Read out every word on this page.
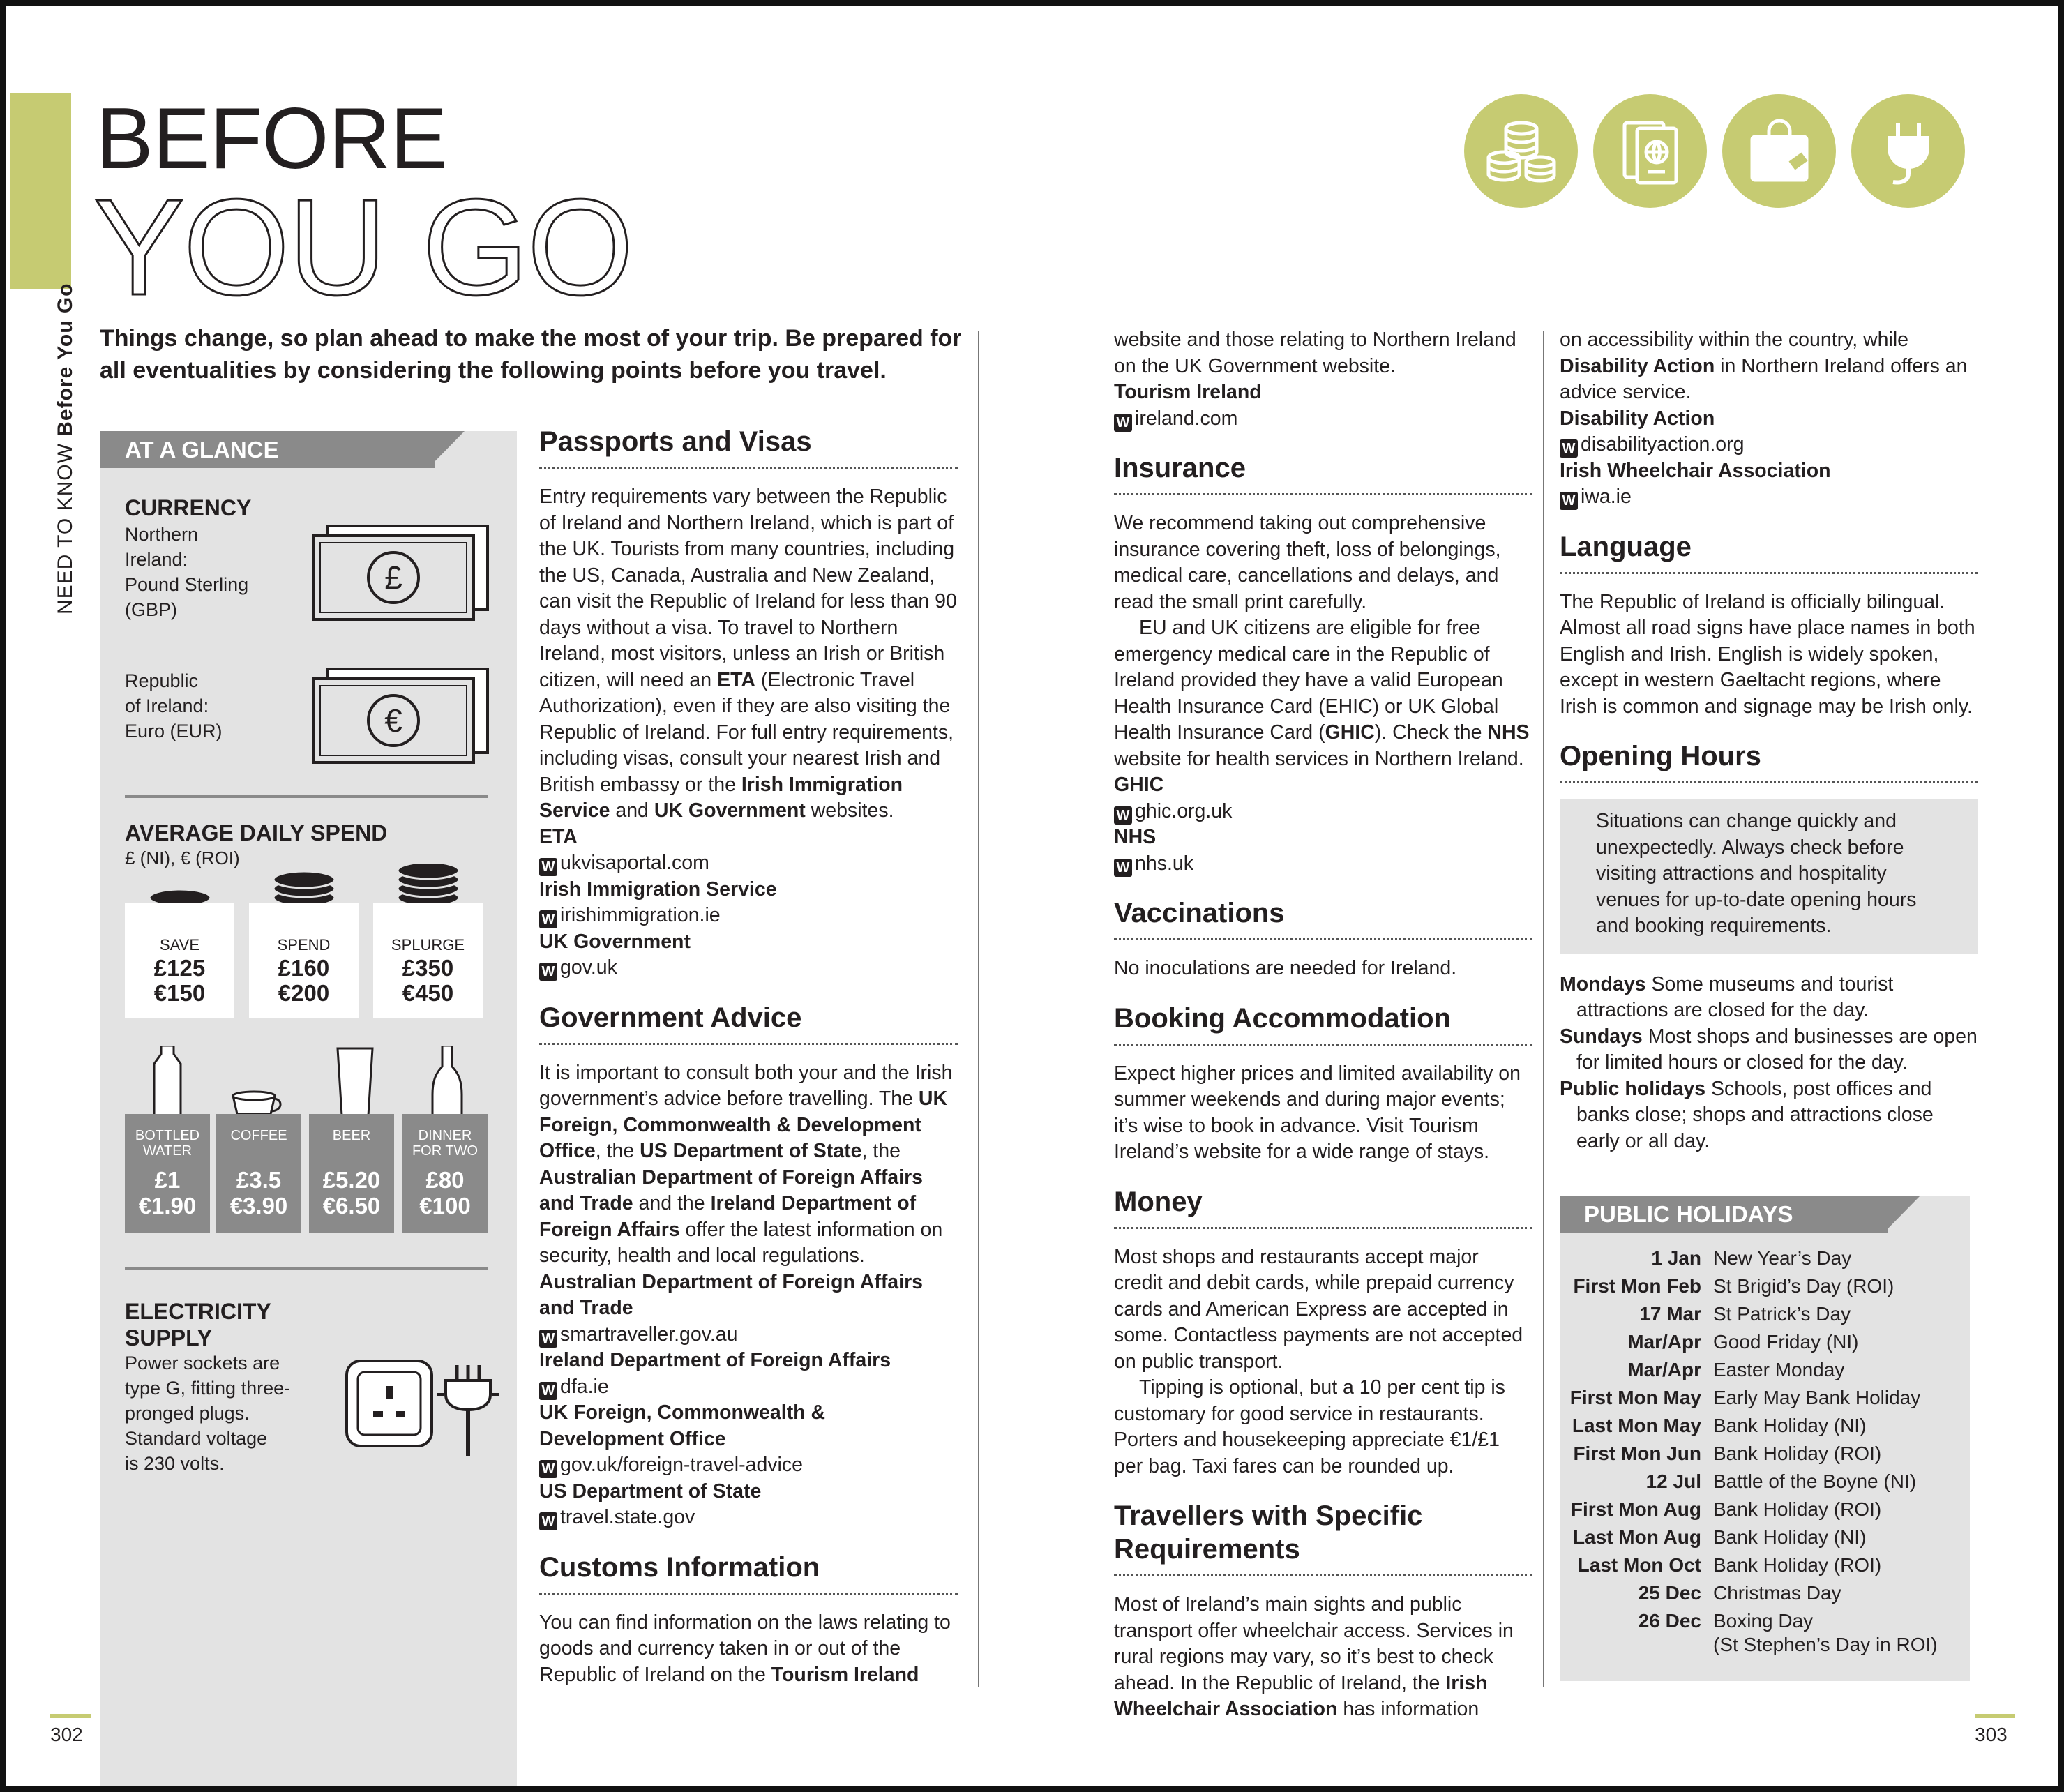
NEED TO KNOW Before You Go
BEFORE
YOU GO
Things change, so plan ahead to make the most of your trip. Be prepared for all eventualities by considering the following points before you travel.
AT A GLANCE
CURRENCY
Northern
Ireland:
Pound Sterling
(GBP)
£
Republic
of Ireland:
Euro (EUR)	€
AVERAGE DAILY SPEND
£ (NI), € (ROI)
SAVE
£125
€150
SPEND
£160
€200
SPLURGE
£350
€450
BOTTLED WATER
£1
€1.90
COFFEE
£3.5
€3.90
BEER
£5.20
€6.50
DINNER FOR TWO
£80
€100
ELECTRICITY
SUPPLY
Power sockets are
type G, fitting three-
pronged plugs.
Standard voltage
is 230 volts.
Passports and Visas

Entry requirements vary between the Republic of Ireland and Northern Ireland, which is part of the UK. Tourists from many countries, including the US, Canada, Australia and New Zealand, can visit the Republic of Ireland for less than 90 days without a visa. To travel to Northern Ireland, most visitors, unless an Irish or British citizen, will need an ETA (Electronic Travel Authorization), even if they are also visiting the Republic of Ireland. For full entry requirements, including visas, consult your nearest Irish and British embassy or the Irish Immigration Service and UK Government websites.

ETA

W ukvisaportal.com

Irish Immigration Service

W irishimmigration.ie

UK Government

W gov.uk

Government Advice

It is important to consult both your and the Irish government’s advice before travelling. The UK Foreign, Commonwealth & Development Office, the US Department of State, the Australian Department of Foreign Affairs and Trade and the Ireland Department of Foreign Affairs offer the latest information on security, health and local regulations.

Australian Department of Foreign Affairs

and Trade

W smartraveller.gov.au

Ireland Department of Foreign Affairs

W dfa.ie

UK Foreign, Commonwealth &

Development Office

W gov.uk/foreign-travel-advice

US Department of State

W travel.state.gov

Customs Information

You can find information on the laws relating to goods and currency taken in or out of the Republic of Ireland on the Tourism Ireland

website and those relating to Northern Ireland on the UK Government website.

Tourism Ireland

W ireland.com

Insurance

We recommend taking out comprehensive insurance covering theft, loss of belongings, medical care, cancellations and delays, and read the small print carefully.

EU and UK citizens are eligible for free emergency medical care in the Republic of Ireland provided they have a valid European Health Insurance Card (EHIC) or UK Global Health Insurance Card (GHIC). Check the NHS website for health services in Northern Ireland.

GHIC

W ghic.org.uk

NHS

W nhs.uk

Vaccinations

No inoculations are needed for Ireland.

Booking Accommodation

Expect higher prices and limited availability on summer weekends and during major events; it’s wise to book in advance. Visit Tourism Ireland’s website for a wide range of stays.

Money

Most shops and restaurants accept major credit and debit cards, while prepaid currency cards and American Express are accepted in some. Contactless payments are not accepted on public transport.

Tipping is optional, but a 10 per cent tip is customary for good service in restaurants. Porters and housekeeping appreciate €1/£1 per bag. Taxi fares can be rounded up.

Travellers with Specific
Requirements

Most of Ireland’s main sights and public transport offer wheelchair access. Services in rural regions may vary, so it’s best to check ahead. In the Republic of Ireland, the Irish Wheelchair Association has information

on accessibility within the country, while Disability Action in Northern Ireland offers an advice service.

Disability Action

W disabilityaction.org

Irish Wheelchair Association

W iwa.ie

Language

The Republic of Ireland is officially bilingual. Almost all road signs have place names in both English and Irish. English is widely spoken, except in western Gaeltacht regions, where Irish is common and signage may be Irish only.

Opening Hours
Situations can change quickly and unexpectedly. Always check before visiting attractions and hospitality venues for up-to-date opening hours and booking requirements.

Mondays Some museums and tourist attractions are closed for the day.

Sundays Most shops and businesses are open for limited hours or closed for the day.

Public holidays Schools, post offices and banks close; shops and attractions close early or all day.

PUBLIC HOLIDAYS
1 Jan New Year’s Day
First Mon Feb St Brigid’s Day (ROI)
17 Mar St Patrick’s Day
Mar/Apr Good Friday (NI)
Mar/Apr Easter Monday
First Mon May Early May Bank Holiday
Last Mon May Bank Holiday (NI)
First Mon Jun Bank Holiday (ROI)
12 Jul Battle of the Boyne (NI)
First Mon Aug Bank Holiday (ROI)
Last Mon Aug Bank Holiday (NI)
Last Mon Oct Bank Holiday (ROI)
25 Dec Christmas Day
26 Dec Boxing Day
(St Stephen’s Day in ROI)
302	303
